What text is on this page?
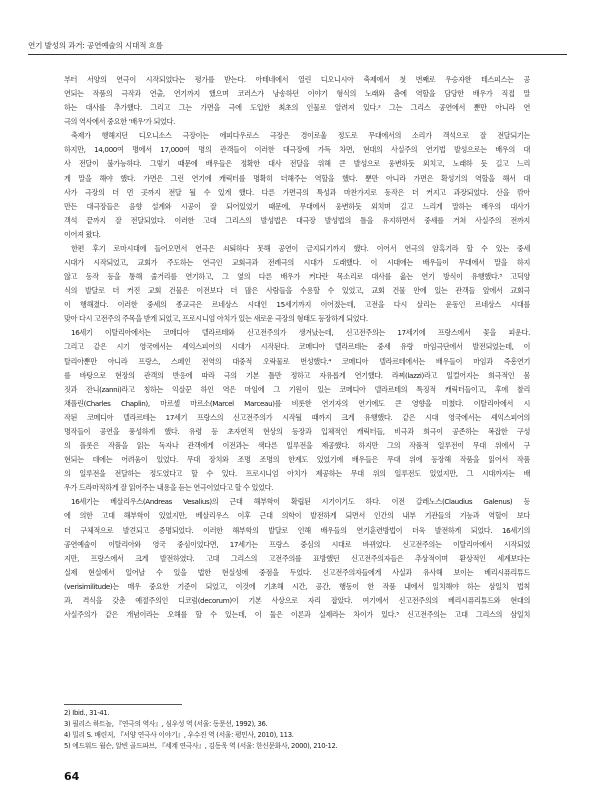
연기 발성의 과거: 공연예술의 시대적 흐름
부터 서양의 연극이 시작되었다는 평가를 받는다. 아테네에서 열린 디오니시아 축제에서 첫 번째로 우승자한 테스피스는 공
연되는 작품의 극작과 연출, 연기까지 했으며 코러스가 낭송하던 이야기 형식의 노래와 춤에 역할을 담당한 배우가 직접 말
하는 대사를 추가했다. 그리고 그는 가면을 극에 도입한 최초의 인물로 알려져 있다.² 그는 그리스 공연에서 뿐만 아니라 연
극의 역사에서 중요한 '배우'가 되었다.
축제가 행해지던 디오니소스 극장이는 에피다우로스 극장은 경이로울 정도로 무대에서의 소리가 객석으로 잘 전달되기는
하지만, 14,000여 명에서 17,000여 명의 관객들이 이러한 대극장에 가득 차면, 현대의 사실주의 연기법 발성으로는 배우의 대
사 전달이 불가능하다. 그렇기 때문에 배우들은 정확한 대사 전달을 위해 큰 발성으로 웅변하듯 외치고, 노래하 듯 길고 느리
게 말을 해야 했다. 가면은 그런 연기에 캐릭터를 명확히 더해주는 역할을 했다. 뿐만 아니라 가면은 확성기의 역할을 해서 대
사가 극장의 더 먼 곳까지 전달 될 수 있게 했다. 다른 가면극의 특성과 마찬가지로 동작은 더 커지고 과장되었다. 산을 깎아
만든 대극장들은 음향 설계와 시공이 잘 되어있었기 때문에, 무대에서 웅변하듯 외치며 길고 느리게 말하는 배우의 대사가
객석 끝까지 잘 전달되었다. 이러한 고대 그리스의 발성법은 대극장 발성법의 틀을 유지하면서 중세를 거쳐 사실주의 전까지
이어져 왔다.
한편 후기 로마시대에 들어오면서 연극은 쇠퇴하다 못해 공연이 금지되기까지 했다. 이어서 연극의 암흑기라 할 수 있는 중세
시대가 시작되었고, 교회가 주도하는 연극인 교회극과 전례극의 시대가 도래했다. 이 시대에는 배우들이 무대에서 말을 하지
않고 동작 등을 통해 줄거리를 연기하고, 그 옆의 다른 배우가 커다란 목소리로 대사를 읊는 연기 방식이 유행했다.³ 고딕양
식의 발달로 더 커진 교회 건물은 이전보다 더 많은 사람들을 수용할 수 있었고, 교회 건물 안에 있는 관객들 앞에서 교회극
이 행해졌다. 이러한 중세의 종교극은 르네상스 시대인 15세기까지 이어졌는데, 고전을 다시 살리는 운동인 르네상스 시대를
맞아 다시 고전주의 주목을 받게 되었고, 프로시니엄 아치가 있는 새로운 극장의 형태도 등장하게 되었다.
16세기 이탈리아에서는 코메디아 델라르테와 신고전주의가 생겨났는데, 신고전주의는 17세기에 프랑스에서 꽃을 피운다.
그리고 같은 시기 영국에서는 셰익스피어의 시대가 시작된다. 코메디아 델라르테는 중세 유랑 마임극단에서 발전되었는데, 이
탈리아뿐만 아니라 프랑스, 스페인 전역의 대중적 오락물로 번성했다.⁴ 코메디아 델라르테에서는 배우들이 마임과 즉흥연기
를 바탕으로 현장의 관객의 반응에 따라 극의 기본 틀만 정하고 자유롭게 연기했다. 라찌(lazzi)라고 일컬어지는 희극적인 몸
짓과 잔니(zanni)라고 칭하는 익살꾼 하인 역은 마임에 그 기원이 있는 코메디아 델라르테의 특징적 캐릭터들이고, 후에 찰리
채플린(Charles Chaplin), 마르셀 마르소(Marcel Marceau)를 비롯한 연기자의 연기에도 큰 영향을 미쳤다. 이탈리아에서 시
작된 코메디아 델라르테는 17세기 프랑스의 신고전주의가 시작될 때까지 크게 유행했다. 같은 시대 영국에서는 셰익스피어의
명작들이 공연을 풍성하게 했다. 유령 등 초자연적 현상의 등장과 입체적인 캐릭터들, 비극과 희극이 공존하는 복잡한 구성
의 플롯은 작품을 읽는 독자나 관객에게 이전과는 색다른 일루전을 제공했다. 하지만 그의 작품적 일루전이 무대 위에서 구
현되는 데에는 어려움이 있었다. 무대 장치와 조명 조명의 한계도 있었기에 배우들은 무대 위에 등장해 작품을 읽어서 작품
의 일루전을 전달하는 정도였다고 할 수 있다. 프로시니엄 아치가 제공하는 무대 위의 일루전도 있었지만, 그 시대까지는 배
우가 드라마적하게 잘 읽어주는 내용을 듣는 연극이었다고 할 수 있었다.
16세기는 베살리우스(Andreas Vesalius)의 근대 해부학이 확립된 시기이기도 하다. 이전 갈레노스(Claudius Galenus) 등
에 의한 고대 해부학이 있었지만, 베살리우스 이후 근대 의학이 발전하게 되면서 인간의 내부 기관들의 기능과 역할이 보다
더 구체적으로 발견되고 증명되었다. 이러한 해부학의 발달로 인해 배우들의 연기훈련방법이 더욱 발전하게 되었다. 16세기의
공연예술이 이탈리아와 영국 중심이었다면, 17세기는 프랑스 중심의 시대로 바뀌었다. 신고전주의는 이탈리아에서 시작되었
지만, 프랑스에서 크게 발전하였다. 고대 그리스의 고전주의를 표방했던 신고전주의자들은 추상적이며 환상적인 세계보다는
실제 현실에서 일어날 수 있을 법한 현실성에 중점을 두었다. 신고전주의자들에게 사실과 유사해 보이는 베리시퓨리튜드
(verisimilitude)는 매우 중요한 기준이 되었고, 이것에 기초해 시간, 공간, 행동이 한 작품 내에서 일치해야 하는 삼일치 법칙
과, 격식을 갖춘 예절주의인 디코럼(decorum)이 기본 사상으로 자리 잡았다. 여기에서 신고전주의의 베리시퓨리튜드와 현대의
사실주의가 같은 개념이라는 오해를 할 수 있는데, 이 둘은 이론과 실제라는 차이가 있다.⁵ 신고전주의는 고대 그리스의 삼일치
2) Ibid., 31-41.
3) 필리스 하트놀, 『연극의 역사』, 심우성 역 (서울: 동문선, 1992), 36.
4) 밀리 S. 배린저, 『서양 연극사 이야기』, 우수진 역 (서울: 평민사, 2010), 113.
5) 에드워드 월슨, 알빈 골드파브, 『세계 연극사』, 김동욱 역 (서울: 한신문화사, 2000), 210-12.
64
